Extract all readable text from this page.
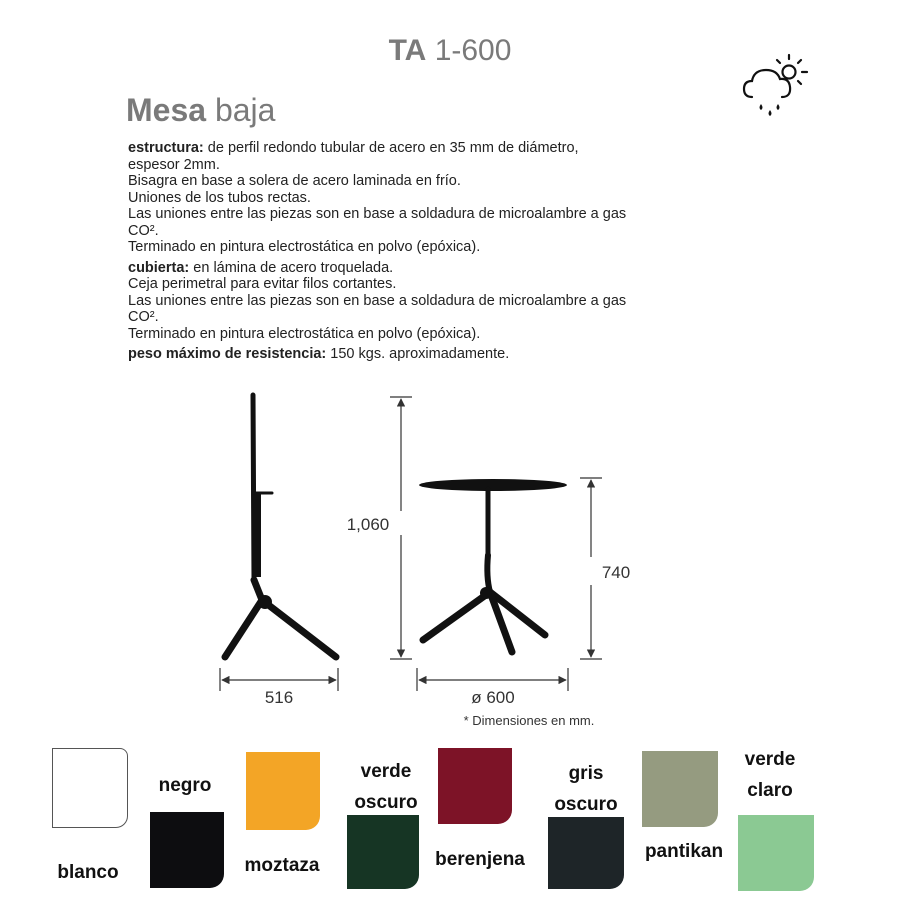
TA 1-600
Mesa baja
estructura: de perfil redondo tubular de acero en 35 mm de diámetro,
espesor 2mm.
Bisagra en base a solera de acero laminada en frío.
Uniones de los tubos rectas.
Las uniones entre las piezas son en base a soldadura de microalambre a gas
CO².
Terminado en pintura electrostática en polvo (epóxica).
cubierta: en lámina de acero troquelada.
Ceja perimetral para evitar filos cortantes.
Las uniones entre las piezas son en base a soldadura de microalambre a gas
CO².
Terminado en pintura electrostática en polvo (epóxica).
peso máximo de resistencia: 150 kgs. aproximadamente.
1,060
740
516	ø 600
* Dimensiones en mm.
blanco
negro
moztaza
verde
oscuro
berenjena
gris
oscuro
pantikan
verde
claro
